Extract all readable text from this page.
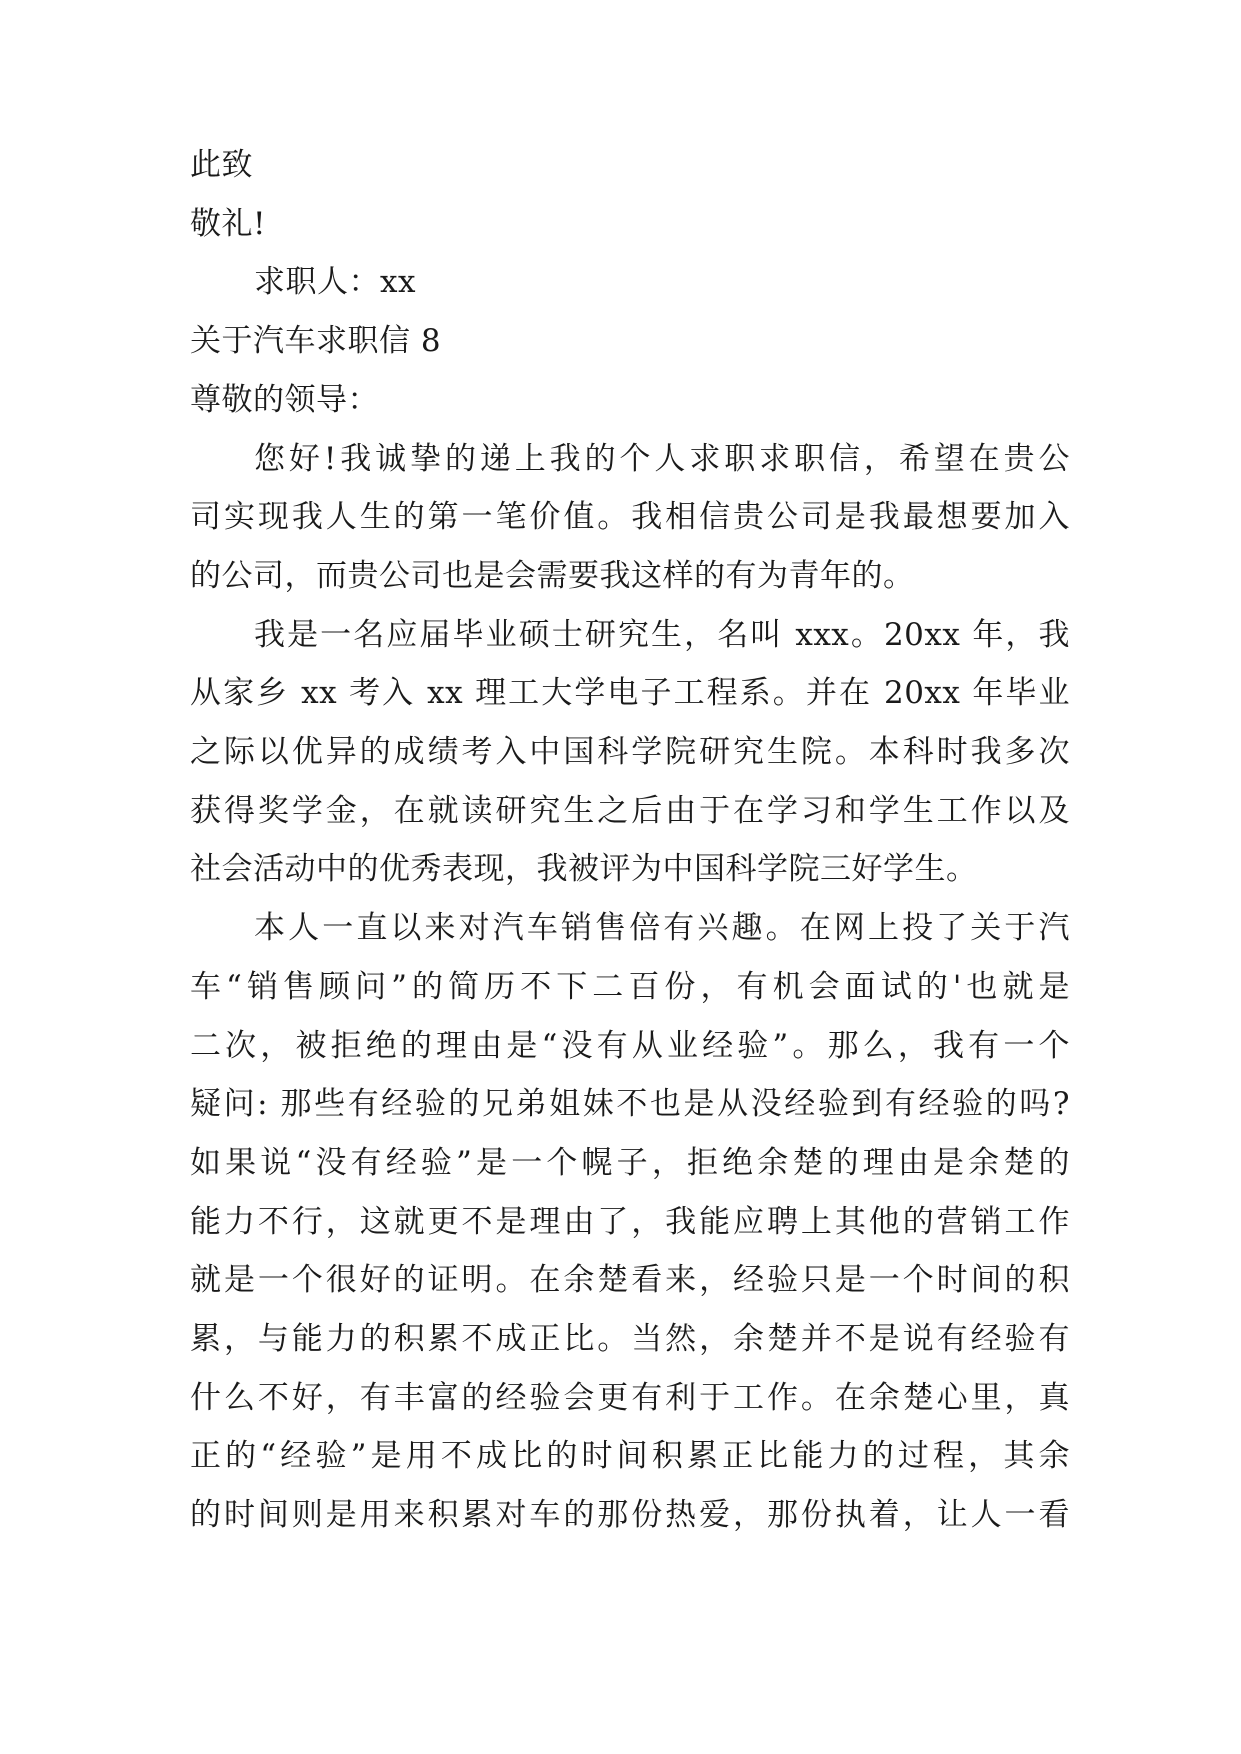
此致
敬礼!
求职人：xx
关于汽车求职信 8
尊敬的领导：
您好!我诚挚的递上我的个人求职求职信，希望在贵公
司实现我人生的第一笔价值。我相信贵公司是我最想要加入
的公司，而贵公司也是会需要我这样的有为青年的。
我是一名应届毕业硕士研究生，名叫 xxx。20xx 年，我
从家乡 xx 考入 xx 理工大学电子工程系。并在 20xx 年毕业
之际以优异的成绩考入中国科学院研究生院。本科时我多次
获得奖学金，在就读研究生之后由于在学习和学生工作以及
社会活动中的优秀表现，我被评为中国科学院三好学生。
本人一直以来对汽车销售倍有兴趣。在网上投了关于汽
车“销售顾问”的简历不下二百份，有机会面试的'也就是
二次，被拒绝的理由是“没有从业经验”。那么，我有一个
疑问: 那些有经验的兄弟姐妹不也是从没经验到有经验的吗?
如果说“没有经验”是一个幌子，拒绝余楚的理由是余楚的
能力不行，这就更不是理由了，我能应聘上其他的营销工作
就是一个很好的证明。在余楚看来，经验只是一个时间的积
累，与能力的积累不成正比。当然，余楚并不是说有经验有
什么不好，有丰富的经验会更有利于工作。在余楚心里，真
正的“经验”是用不成比的时间积累正比能力的过程，其余
的时间则是用来积累对车的那份热爱，那份执着，让人一看
